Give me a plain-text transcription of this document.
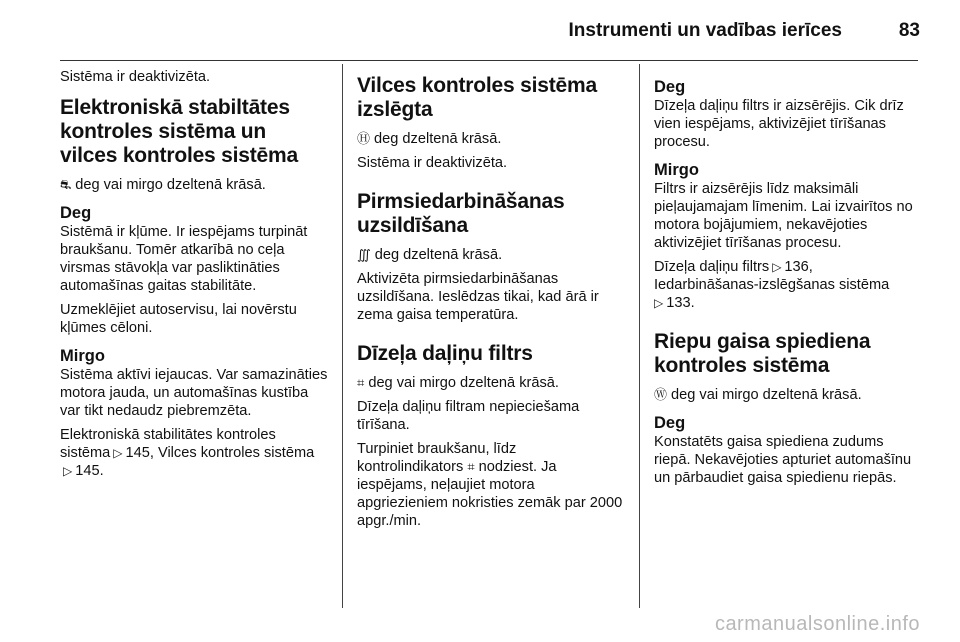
Instrumenti un vadības ierīces	83

Sistēma ir deaktivizēta.

Elektroniskā stabiltātes kontroles sistēma un vilces kontroles sistēma

⛐ deg vai mirgo dzeltenā krāsā.

Deg

Sistēmā ir kļūme. Ir iespējams turpināt braukšanu. Tomēr atkarībā no ceļa virsmas stāvokļa var pasliktināties automašīnas gaitas stabilitāte.

Uzmeklējiet autoservisu, lai novērstu kļūmes cēloni.

Mirgo

Sistēma aktīvi iejaucas. Var samazināties motora jauda, un automašīnas kustība var tikt nedaudz piebremzēta.

Elektroniskā stabilitātes kontroles sistēma ▷ 145, Vilces kontroles sistēma▷ 145.

Vilces kontroles sistēma izslēgta

Ⓗ deg dzeltenā krāsā.

Sistēma ir deaktivizēta.

Pirmsiedarbināšanas uzsildīšana

∭ deg dzeltenā krāsā.

Aktivizēta pirmsiedarbināšanas uzsildīšana. Ieslēdzas tikai, kad ārā ir zema gaisa temperatūra.

Dīzeļa daļiņu filtrs

⌗ deg vai mirgo dzeltenā krāsā.

Dīzeļa daļiņu filtram nepieciešama tīrīšana.

Turpiniet braukšanu, līdz kontrolindikators ⌗ nodziest. Ja iespējams, neļaujiet motora apgriezieniem nokristies zemāk par 2000 apgr./min.

Deg

Dīzeļa daļiņu filtrs ir aizsērējis. Cik drīz vien iespējams, aktivizējiet tīrīšanas procesu.

Mirgo

Filtrs ir aizsērējis līdz maksimāli pieļaujamajam līmenim. Lai izvairītos no motora bojājumiem, nekavējoties aktivizējiet tīrīšanas procesu.

Dīzeļa daļiņu filtrs ▷ 136,
Iedarbināšanas-izslēgšanas sistēma
▷ 133.

Riepu gaisa spiediena kontroles sistēma

Ⓦ deg vai mirgo dzeltenā krāsā.

Deg

Konstatēts gaisa spiediena zudums riepā. Nekavējoties apturiet automašīnu un pārbaudiet gaisa spiedienu riepās.

carmanualsonline.info
